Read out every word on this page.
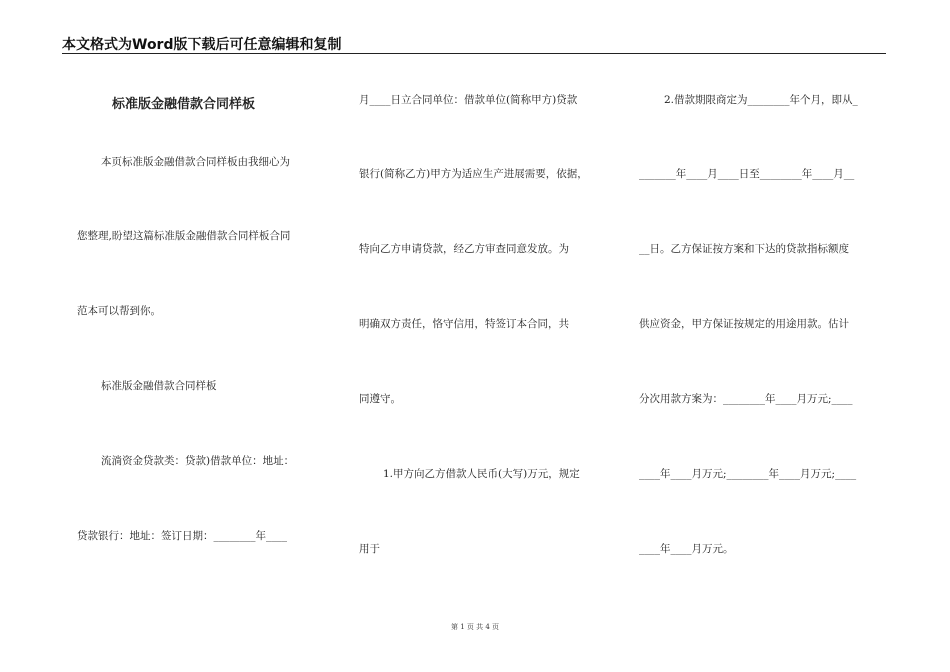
本文格式为Word版下载后可任意编辑和复制
标准版金融借款合同样板
本页标准版金融借款合同样板由我细心为
您整理,盼望这篇标准版金融借款合同样板合同
范本可以帮到你。
标准版金融借款合同样板
流淌资金贷款类：贷款)借款单位：地址：
贷款银行：地址：签订日期：________年____
月____日立合同单位：借款单位(简称甲方)贷款
银行(简称乙方)甲方为适应生产进展需要，依据，
特向乙方申请贷款，经乙方审查同意发放。为
明确双方责任，恪守信用，特签订本合同，共
同遵守。
1.甲方向乙方借款人民币(大写)万元，规定
用于
2.借款期限商定为________年个月，即从_
_______年____月____日至________年____月__
__日。乙方保证按方案和下达的贷款指标额度
供应资金，甲方保证按规定的用途用款。估计
分次用款方案为：________年____月万元;____
____年____月万元;________年____月万元;____
____年____月万元。
第 1 页 共 4 页
